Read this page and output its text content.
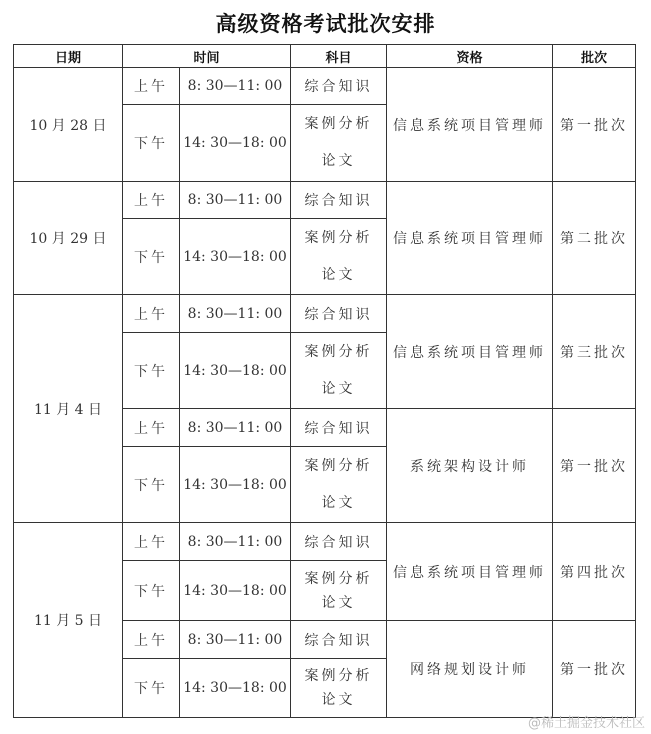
高级资格考试批次安排
日期	时间		科目	资格	批次
10 月 28 日	上午	8: 30—11: 00	综合知识	信息系统项目管理师	第一批次
	下午	14: 30—18: 00	案例分析
论文		

10 月 29 日	上午	8: 30—11: 00	综合知识	信息系统项目管理师	第二批次
	下午	14: 30—18: 00	案例分析
论文		

11 月 4 日	上午	8: 30—11: 00	综合知识	信息系统项目管理师	第三批次
	下午	14: 30—18: 00	案例分析
论文		

	上午	8: 30—11: 00	综合知识	系统架构设计师	第一批次
	下午	14: 30—18: 00	案例分析
论文		

11 月 5 日	上午	8: 30—11: 00	综合知识	信息系统项目管理师	第四批次
	下午	14: 30—18: 00	案例分析
论文		

	上午	8: 30—11: 00	综合知识	网络规划设计师	第一批次
	下午	14: 30—18: 00	案例分析
论文		
@稀土掘金技术社区
